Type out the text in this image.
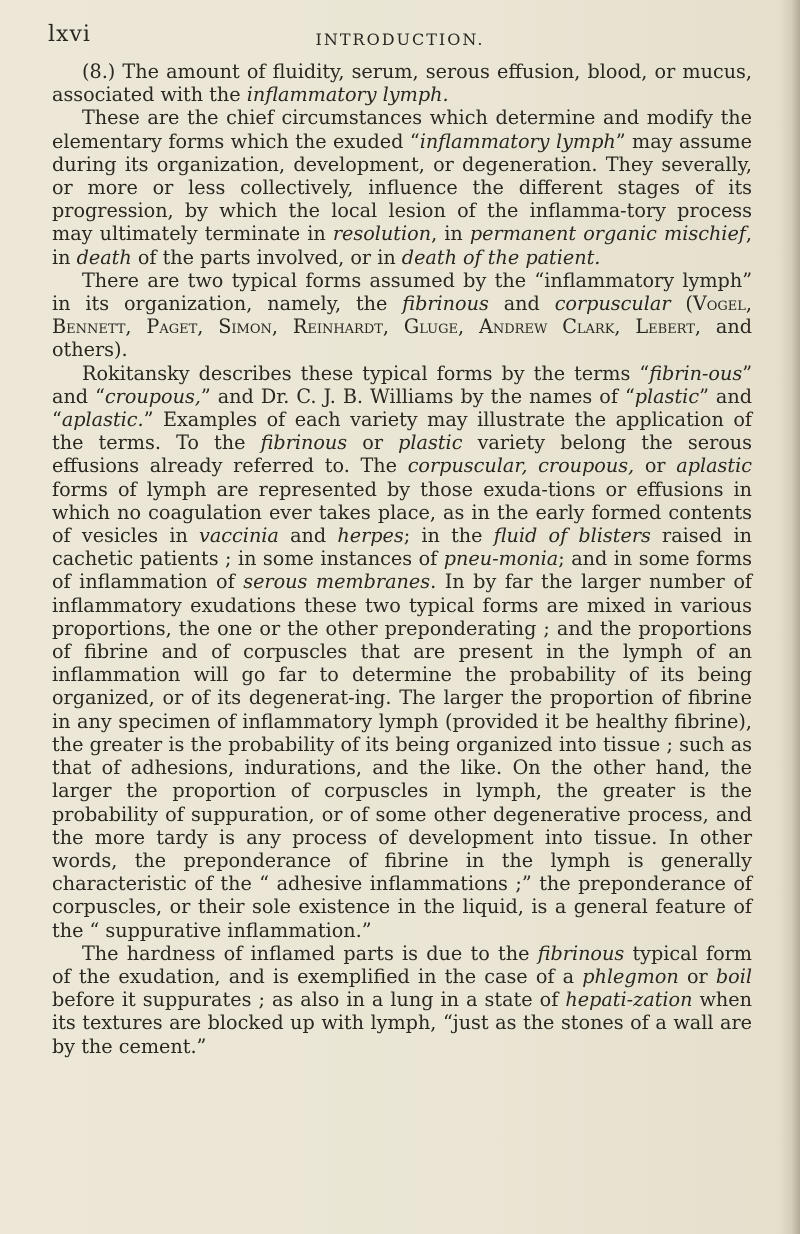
lxvi	INTRODUCTION.

(8.) The amount of fluidity, serum, serous effusion, blood, or mucus, associated with the inflammatory lymph.

These are the chief circumstances which determine and modify the elementary forms which the exuded “inflammatory lymph” may assume during its organization, development, or degeneration. They severally, or more or less collectively, influence the different stages of its progression, by which the local lesion of the inflamma-tory process may ultimately terminate in resolution, in permanent organic mischief, in death of the parts involved, or in death of the patient.

There are two typical forms assumed by the “inflammatory lymph” in its organization, namely, the fibrinous and corpuscular (Vogel, Bennett, Paget, Simon, Reinhardt, Gluge, Andrew Clark, Lebert, and others).

Rokitansky describes these typical forms by the terms “fibrin-ous” and “croupous,” and Dr. C. J. B. Williams by the names of “plastic” and “aplastic.” Examples of each variety may illustrate the application of the terms. To the fibrinous or plastic variety belong the serous effusions already referred to. The corpuscular, croupous, or aplastic forms of lymph are represented by those exuda-tions or effusions in which no coagulation ever takes place, as in the early formed contents of vesicles in vaccinia and herpes; in the fluid of blisters raised in cachetic patients ; in some instances of pneu-monia; and in some forms of inflammation of serous membranes. In by far the larger number of inflammatory exudations these two typical forms are mixed in various proportions, the one or the other preponderating ; and the proportions of fibrine and of corpuscles that are present in the lymph of an inflammation will go far to determine the probability of its being organized, or of its degenerat-ing. The larger the proportion of fibrine in any specimen of inflammatory lymph (provided it be healthy fibrine), the greater is the probability of its being organized into tissue ; such as that of adhesions, indurations, and the like. On the other hand, the larger the proportion of corpuscles in lymph, the greater is the probability of suppuration, or of some other degenerative process, and the more tardy is any process of development into tissue. In other words, the preponderance of fibrine in the lymph is generally characteristic of the “ adhesive inflammations ;” the preponderance of corpuscles, or their sole existence in the liquid, is a general feature of the “ suppurative inflammation.”

The hardness of inflamed parts is due to the fibrinous typical form of the exudation, and is exemplified in the case of a phlegmon or boil before it suppurates ; as also in a lung in a state of hepati-zation when its textures are blocked up with lymph, “just as the stones of a wall are by the cement.”
